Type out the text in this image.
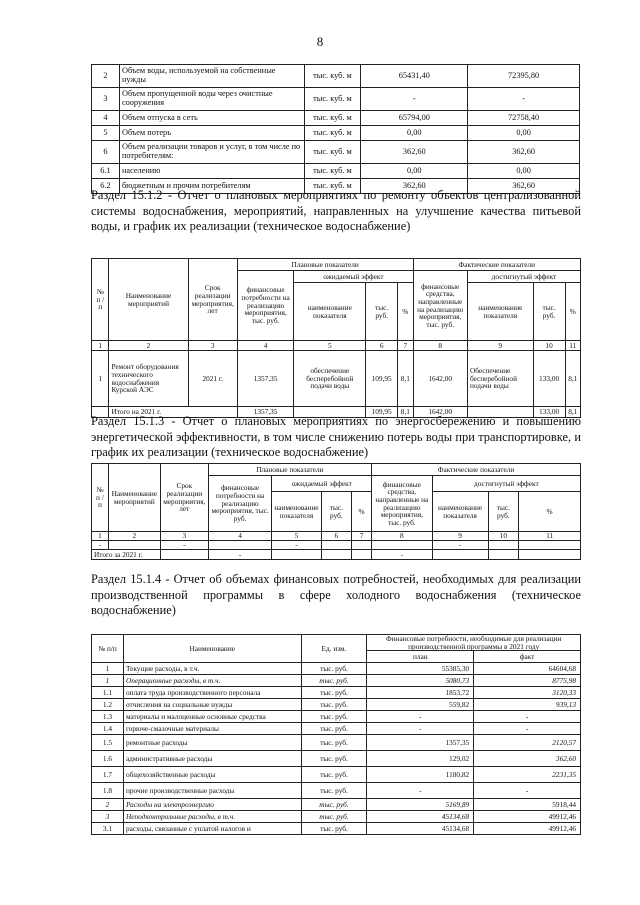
8
2	Объем воды, используемой на собственные нужды	тыс. куб. м	65431,40	72395,80
3	Объем пропущенной воды через очистные сооружения	тыс. куб. м	-	-
4	Объем отпуска в сеть	тыс. куб. м	65794,00	72758,40
5	Объем потерь	тыс. куб. м	0,00	0,00
6	Объем реализации товаров и услуг, в том числе по потребителям:	тыс. куб. м	362,60	362,60
6.1	населению	тыс. куб. м	0,00	0,00
6.2	бюджетным и прочим потребителям	тыс. куб. м	362,60	362,60
Раздел 15.1.2 - Отчет о плановых мероприятиях по ремонту объектов централизованной системы водоснабжения, мероприятий, направленных на улучшение качества питьевой воды, и график их реализации (техническое водоснабжение)
№ п / п	Наименование мероприятий	Срок реализации мероприятия, лет	Плановые показатели				Фактические показатели			
			финансовые потребности на реализацию мероприятия, тыс. руб.	ожидаемый эффект			финансовые средства, направленные на реализацию мероприятия, тыс. руб.	достигнутый эффект		
				наименование показателя	тыс. руб.	%		наименование показателя	тыс. руб.	%
1	2	3	4	5	6	7	8	9	10	11
1	Ремонт оборудования технического водоснабжения Курской АЭС	2021 г.	1357,35	обеспечение бесперебойной подачи воды	109,95	8,1	1642,00	Обеспечение бесперебойной подачи воды	133,00	8,1
	Итого на 2021 г.		1357,35		109,95	8,1	1642,00		133,00	8,1
Раздел 15.1.3 - Отчет о плановых мероприятиях по энергосбережению и повышению энергетической эффективности, в том числе снижению потерь воды при транспортировке, и график их реализации (техническое водоснабжение)
№ п / п	Наименование мероприятий	Срок реализации мероприятия, лет	Плановые показатели				Фактические показатели			
			финансовые потребности на реализацию мероприятия, тыс. руб.	ожидаемый эффект			финансовые средства, направленные на реализацию мероприятия, тыс. руб.	достигнутый эффект		
				наименование показателя	тыс. руб.	%		наименование показателя	тыс. руб.	%
1	2	3	4	5	6	7	8	9	10	11
-		-		-				-		
Итого за 2021 г.			-				-			
Раздел 15.1.4 - Отчет об объемах финансовых потребностей, необходимых для реализации производственной программы в сфере холодного водоснабжения (техническое водоснабжение)
№ п/п	Наименование	Ед. изм.	Финансовые потребности, необходимые для реализации производственной программы в 2021 году	
			план	факт
1	Текущие расходы, в т.ч.	тыс. руб.	55385,30	64604,68
1	Операционные расходы, в т.ч.	тыс. руб.	5080,73	8775,98
1.1	оплата труда производственного персонала	тыс. руб.	1853,72	3120,33
1.2	отчисления на социальные нужды	тыс. руб.	559,82	939,13
1.3	материалы и малоценные основные средства	тыс. руб.	-	-
1.4	горюче-смазочные материалы	тыс. руб.	-	-
1.5	ремонтные расходы	тыс. руб.	1357,35	2120,57
1.6	административные расходы	тыс. руб.	129,02	362,60
1.7	общехозяйственные расходы	тыс. руб.	1180,82	2231,35
1.8	прочие производственные расходы	тыс. руб.	-	-
2	Расходы на электроэнергию	тыс. руб.	5169,89	5918,44
3	Неподконтрольные расходы, в т.ч.	тыс. руб.	45134,68	49912,46
3.1	расходы, связанные с уплатой налогов и	тыс. руб.	45134,68	49912,46
